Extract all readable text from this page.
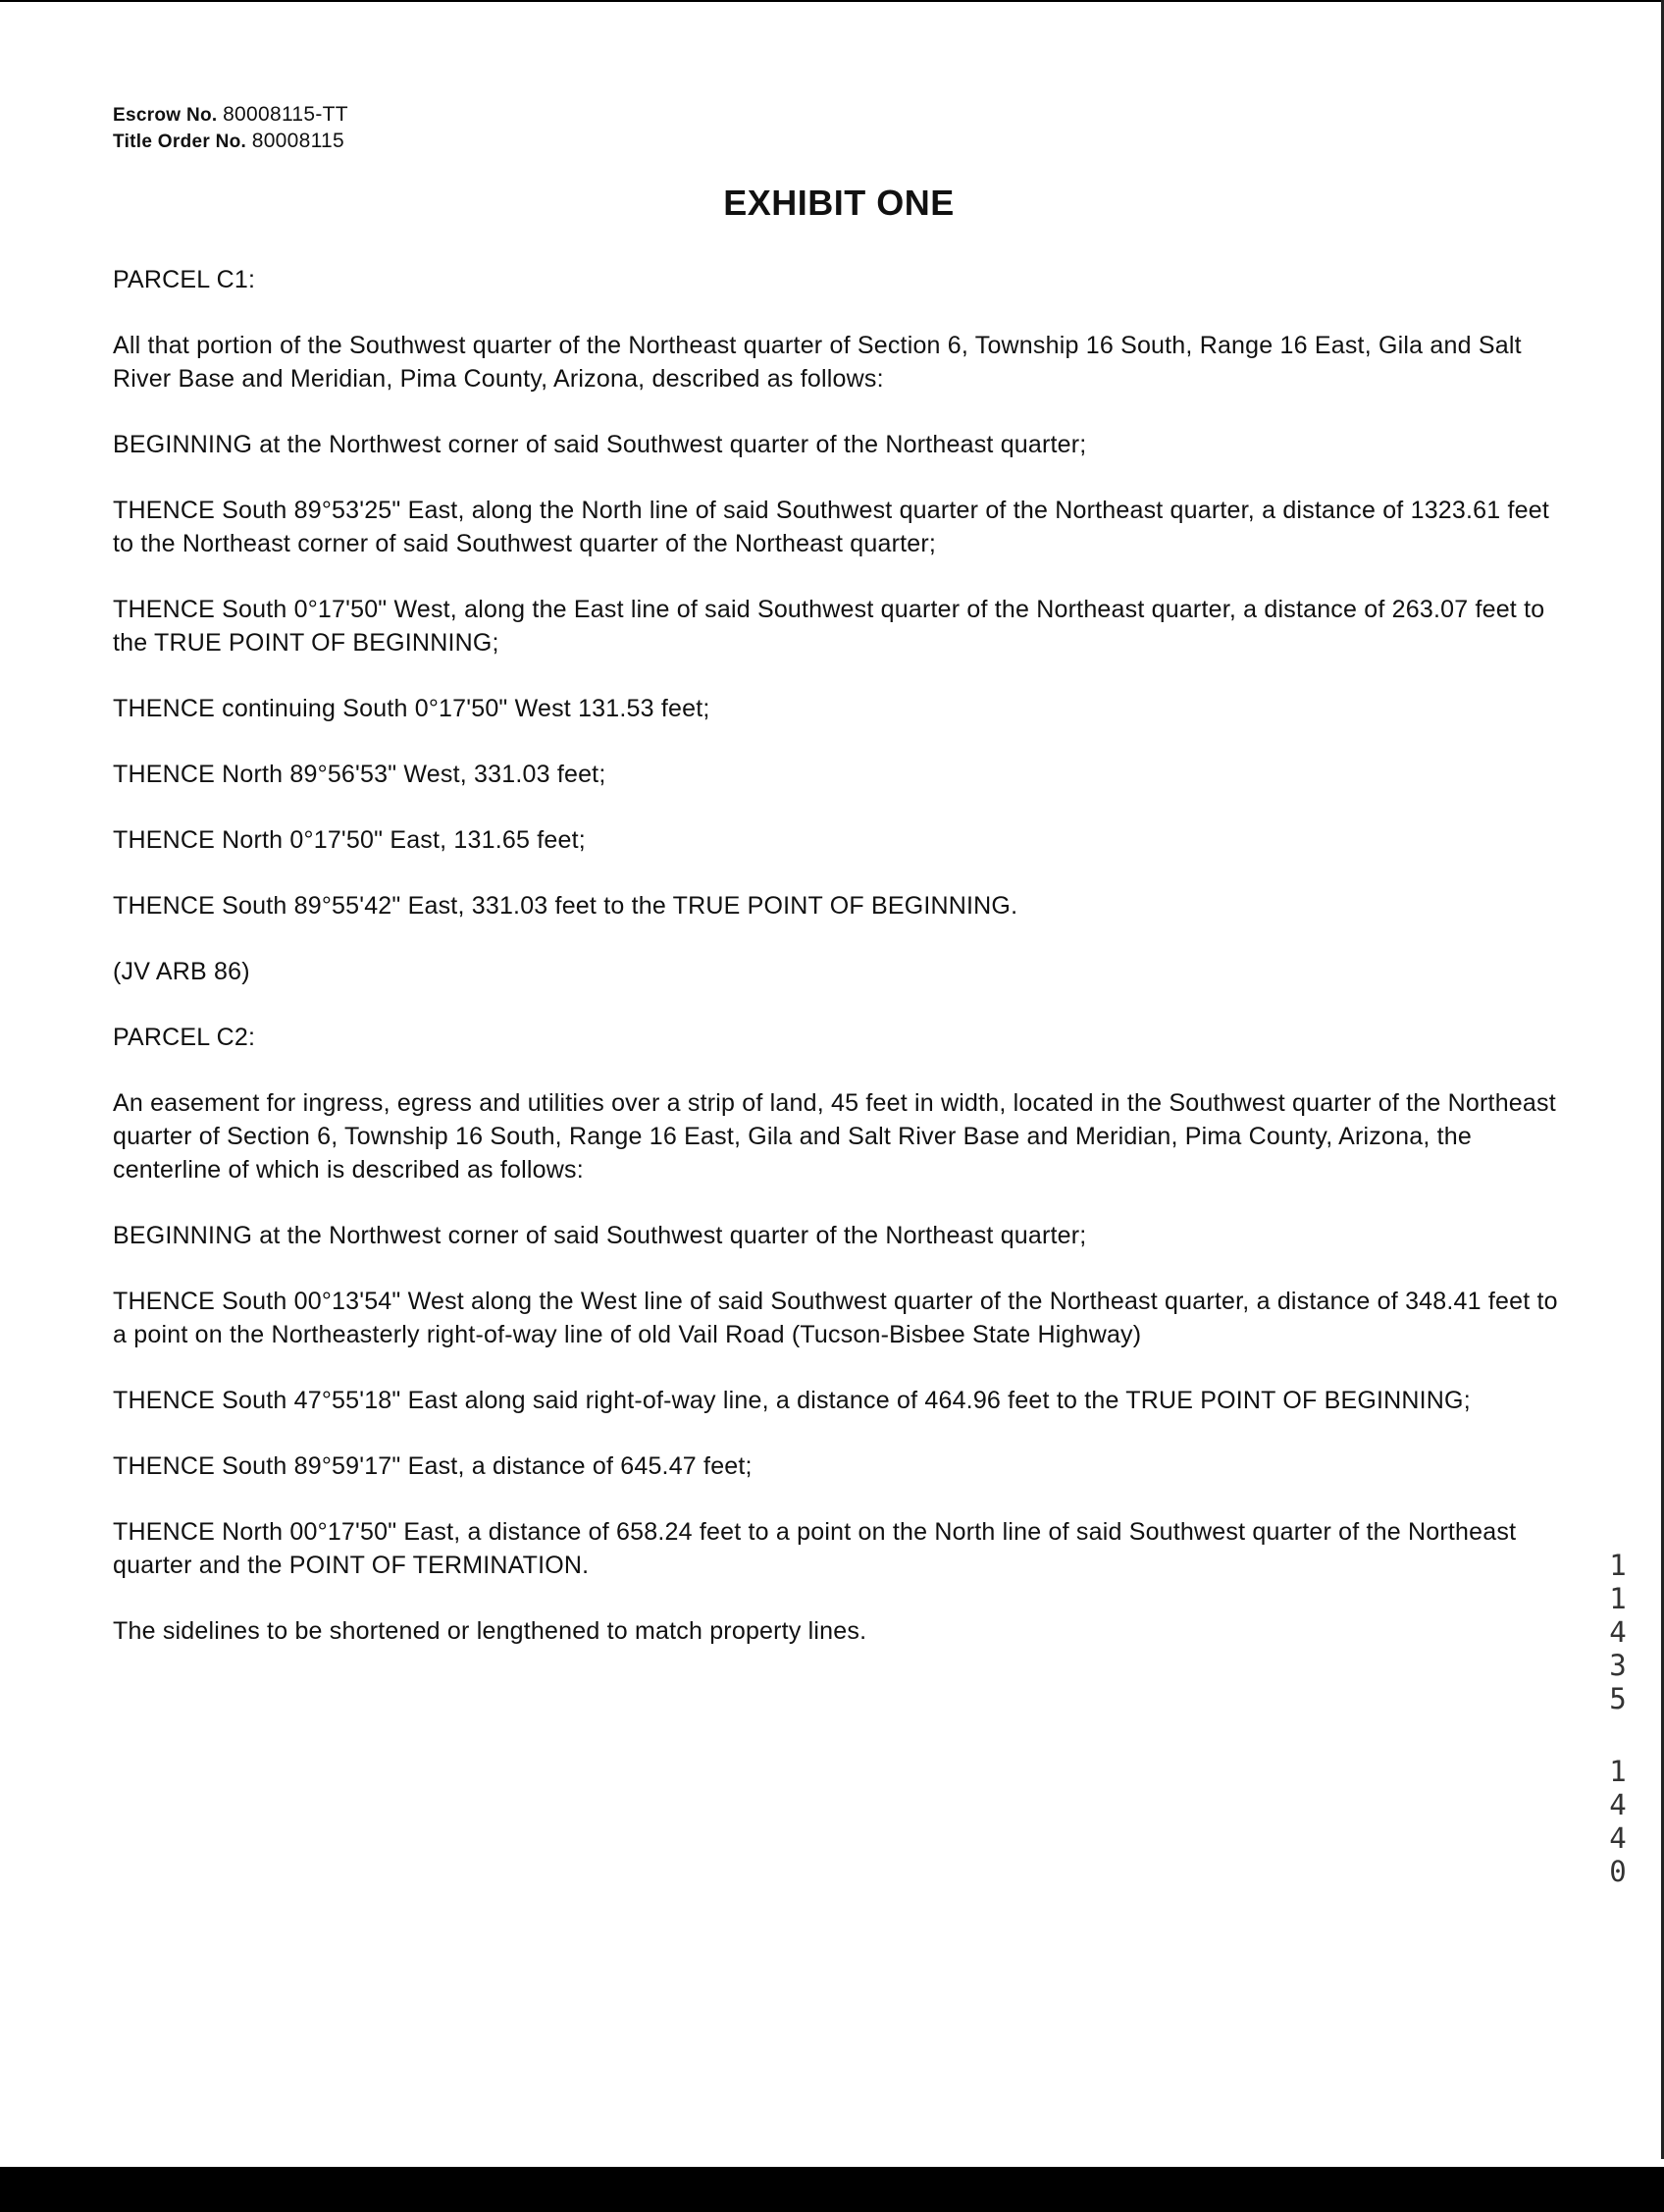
Escrow No. 80008115-TT
Title Order No. 80008115
EXHIBIT ONE

PARCEL C1:

All that portion of the Southwest quarter of the Northeast quarter of Section 6, Township 16 South, Range 16 East, Gila and Salt River Base and Meridian, Pima County, Arizona, described as follows:

BEGINNING at the Northwest corner of said Southwest quarter of the Northeast quarter;

THENCE South 89°53'25" East, along the North line of said Southwest quarter of the Northeast quarter, a distance of 1323.61 feet to the Northeast corner of said Southwest quarter of the Northeast quarter;

THENCE South 0°17'50" West, along the East line of said Southwest quarter of the Northeast quarter, a distance of 263.07 feet to the TRUE POINT OF BEGINNING;

THENCE continuing South 0°17'50" West 131.53 feet;

THENCE North 89°56'53" West, 331.03 feet;

THENCE North 0°17'50" East, 131.65 feet;

THENCE South 89°55'42" East, 331.03 feet to the TRUE POINT OF BEGINNING.

(JV ARB 86)

PARCEL C2:

An easement for ingress, egress and utilities over a strip of land, 45 feet in width, located in the Southwest quarter of the Northeast quarter of Section 6, Township 16 South, Range 16 East, Gila and Salt River Base and Meridian, Pima County, Arizona, the centerline of which is described as follows:

BEGINNING at the Northwest corner of said Southwest quarter of the Northeast quarter;

THENCE South 00°13'54" West along the West line of said Southwest quarter of the Northeast quarter, a distance of 348.41 feet to a point on the Northeasterly right-of-way line of old Vail Road (Tucson-Bisbee State Highway)

THENCE South 47°55'18" East along said right-of-way line, a distance of 464.96 feet to the TRUE POINT OF BEGINNING;

THENCE South 89°59'17" East, a distance of 645.47 feet;

THENCE North 00°17'50" East, a distance of 658.24 feet to a point on the North line of said Southwest quarter of the Northeast quarter and the POINT OF TERMINATION.

The sidelines to be shortened or lengthened to match property lines.

1
1
4
3
5
1
4
4
0
